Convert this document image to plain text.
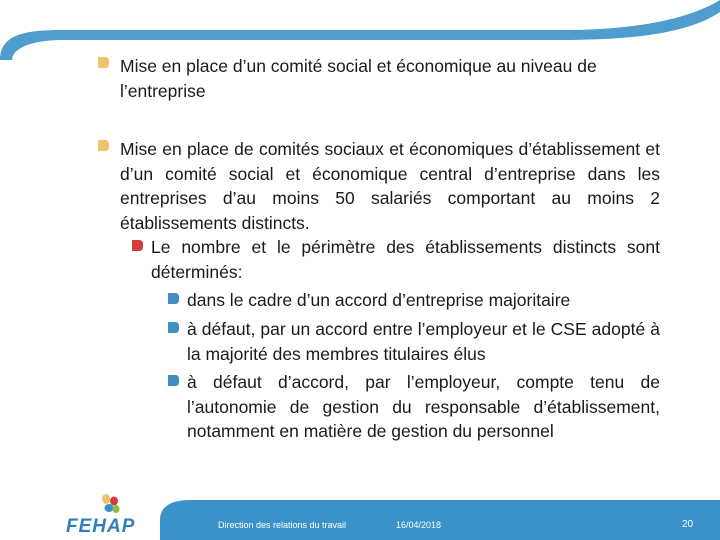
Mise en place d’un comité social et économique au niveau de l’entreprise
Mise en place de comités sociaux et économiques d’établissement et d’un comité social et économique central d’entreprise dans les entreprises d’au moins 50 salariés comportant au moins 2 établissements distincts.
Le nombre et le périmètre des établissements distincts sont déterminés:
dans le cadre d’un accord d’entreprise majoritaire
à défaut, par un accord entre l’employeur et le CSE adopté à la majorité des membres titulaires élus
à défaut d’accord, par l’employeur, compte tenu de l’autonomie de gestion du responsable d’établissement, notamment en matière de gestion du personnel
FEHAP	Direction des relations du travail	16/04/2018	20
